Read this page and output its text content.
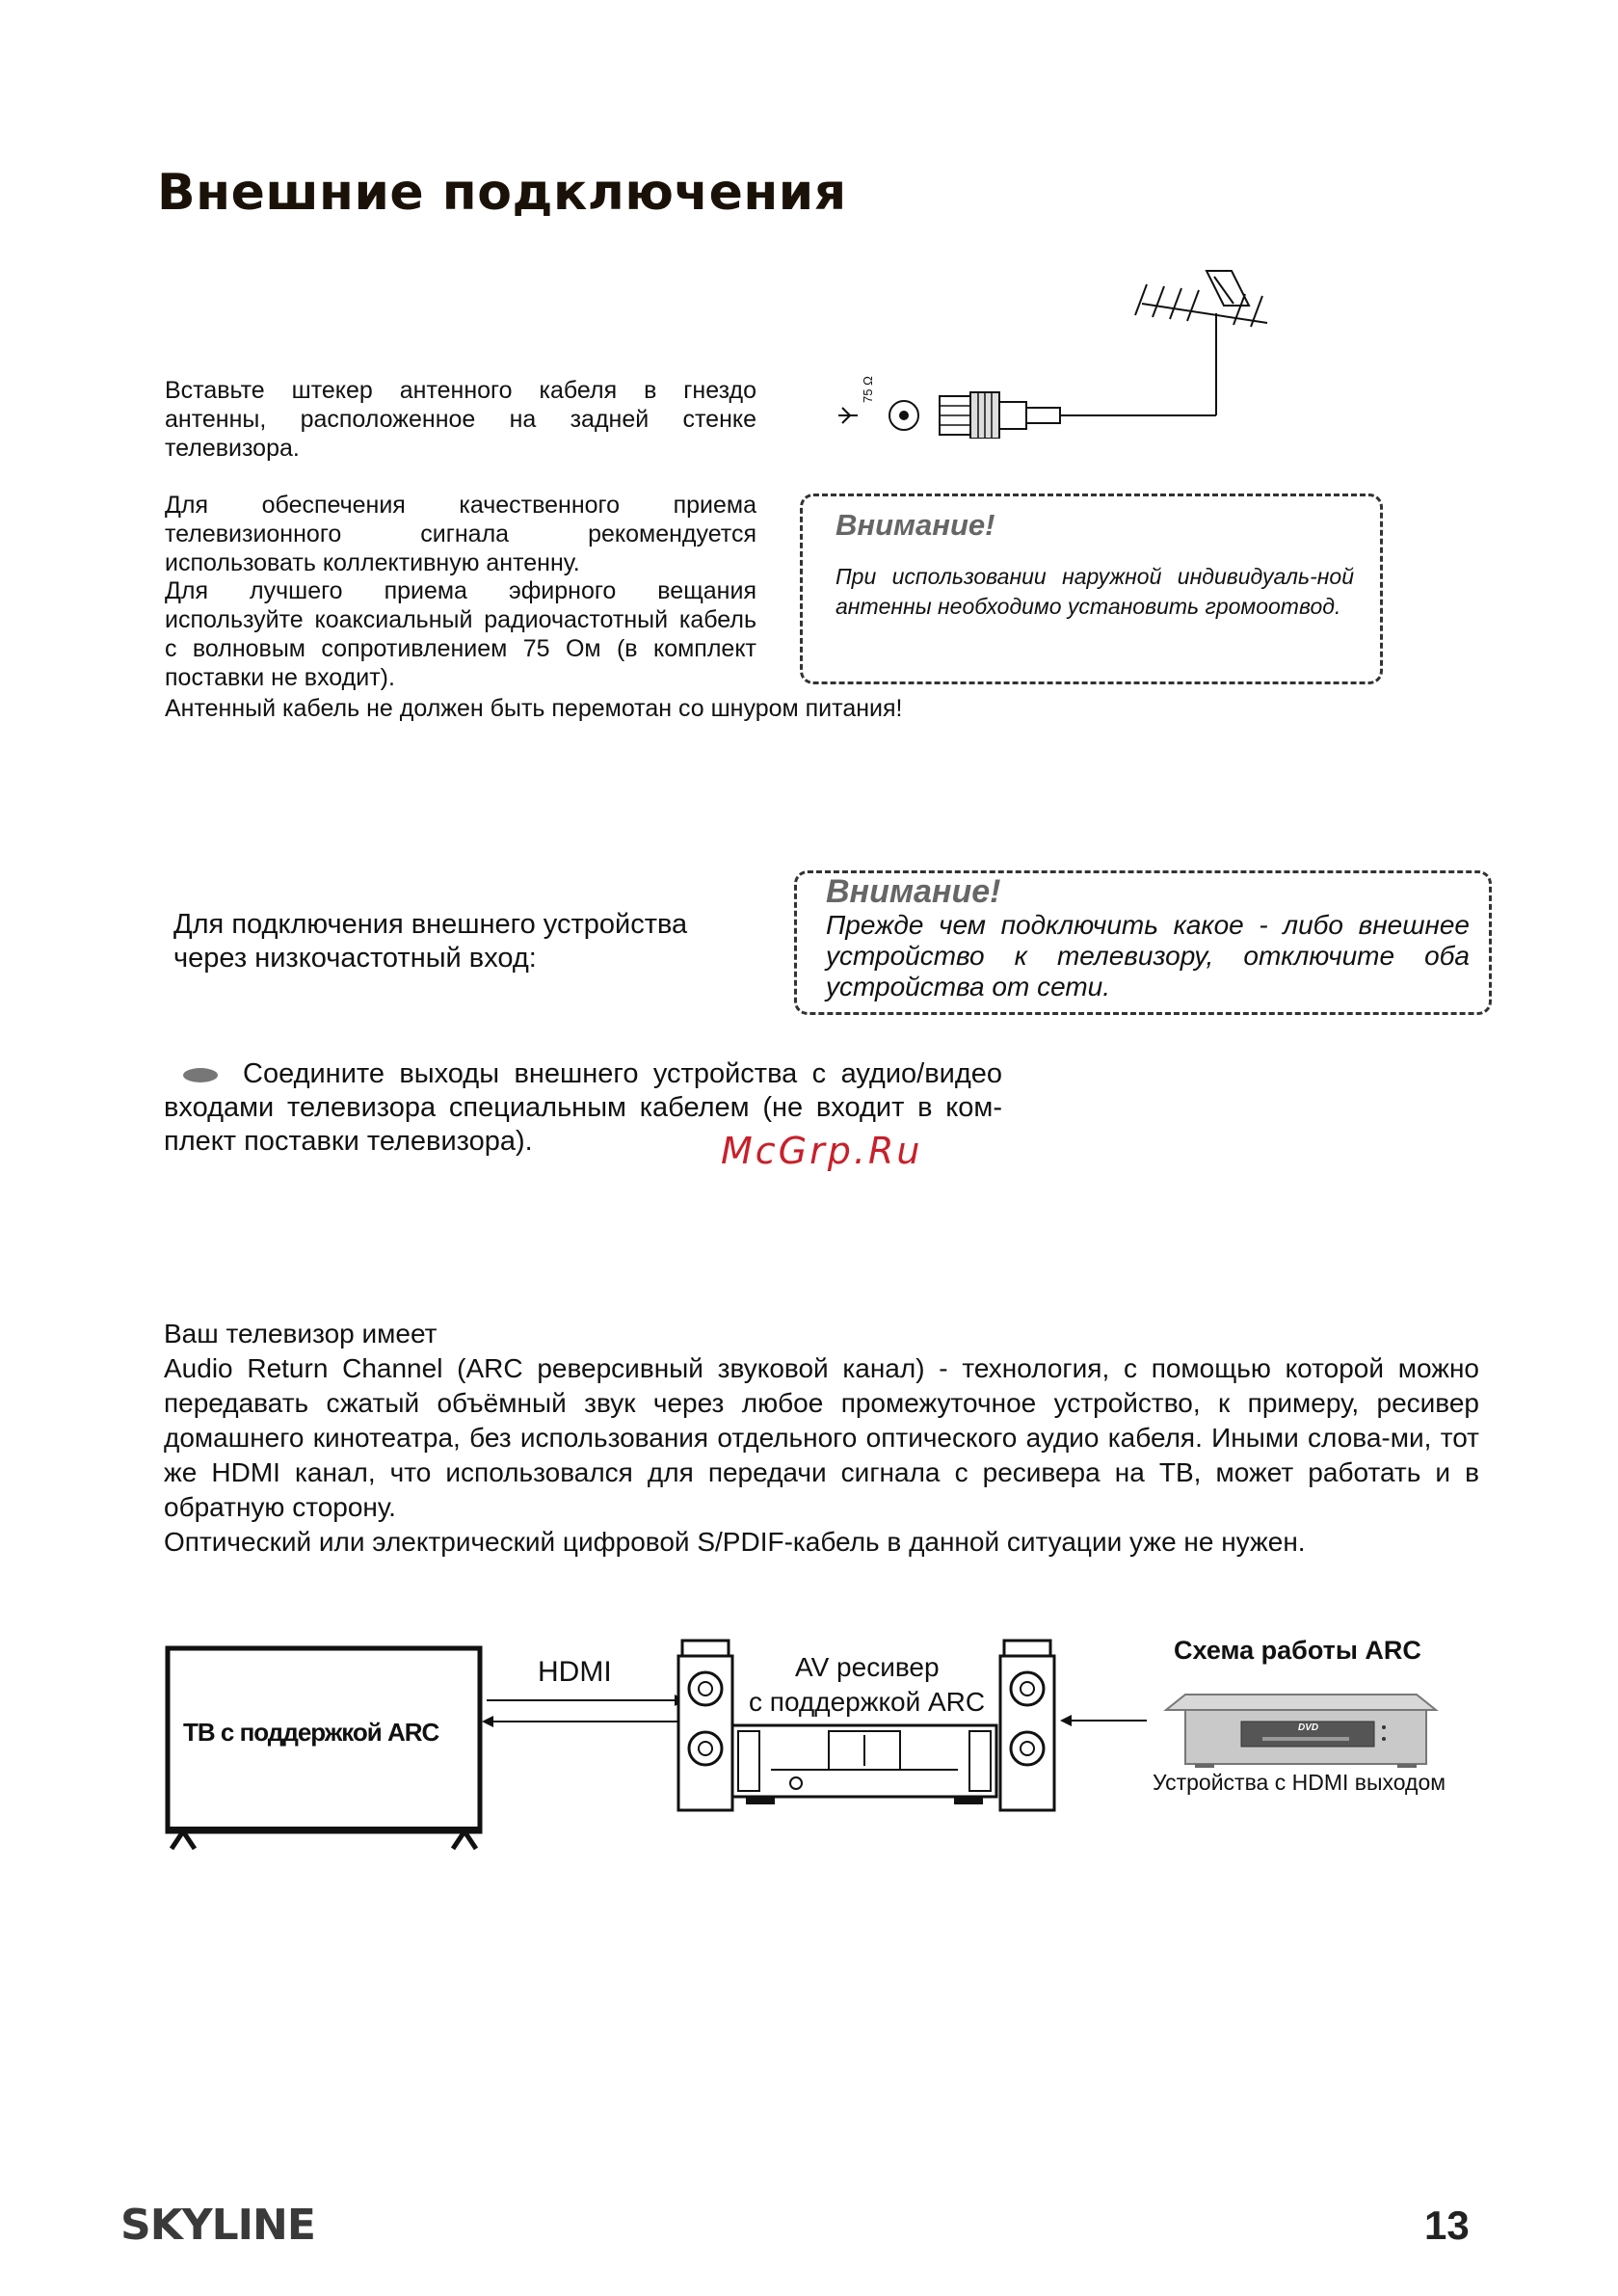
Внешние подключения
75 Ω
Вставьте штекер антенного кабеля в гнездо антенны, расположенное на задней стенке телевизора.
Для обеспечения качественного приема телевизионного сигнала рекомендуется использовать коллективную антенну.
Для лучшего приема эфирного вещания используйте коаксиальный радиочастотный кабель с волновым сопротивлением 75 Ом (в комплект поставки не входит).
Антенный кабель не должен быть перемотан со шнуром питания!
Внимание!
При использовании наружной индивидуаль-ной антенны необходимо установить громоотвод.
Для подключения внешнего устройства через низкочастотный вход:
Внимание!
Прежде чем подключить какое - либо внешнее устройство к телевизору, отключите оба устройства от сети.
Соедините выходы внешнего устройства с аудио/видео входами телевизора специальным кабелем (не входит в ком-плект поставки телевизора).	McGrp.Ru
Ваш телевизор имеет
Audio Return Channel (ARC реверсивный звуковой канал) - технология, с помощью которой можно передавать сжатый объёмный звук через любое промежуточное устройство, к примеру, ресивер домашнего кинотеатра, без использования отдельного оптического аудио кабеля. Иными слова-ми, тот же HDMI канал, что использовался для передачи сигнала с ресивера на ТВ, может работать и в обратную сторону.
Оптический или электрический цифровой S/PDIF-кабель в данной ситуации уже не нужен.
DVD
ТВ с поддержкой ARC
HDMI	AV ресивер
с поддержкой ARC
Схема работы ARC
Устройства с HDMI выходом
SKYLINE	13
